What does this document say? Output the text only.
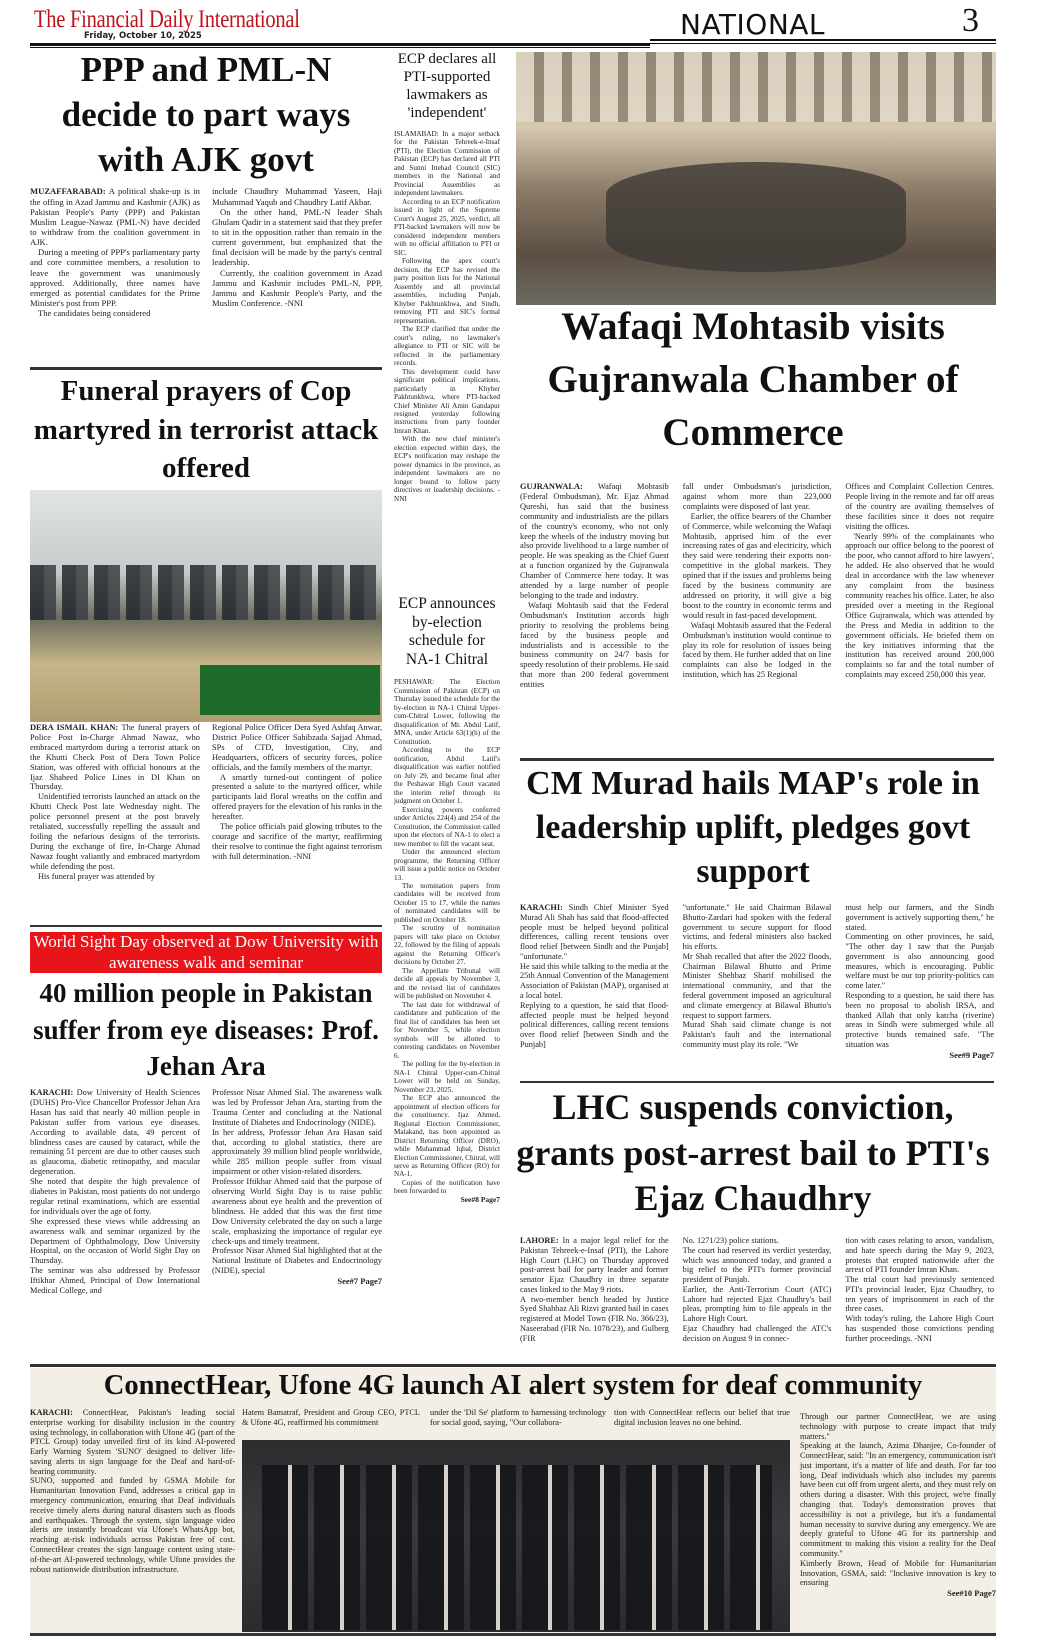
The Financial Daily International
Friday, October 10, 2025	NATIONAL	3
PPP and PML-N decide to part ways with AJK govt

MUZAFFARABAD: A political shake-up is in the offing in Azad Jammu and Kashmir (AJK) as Pakistan People's Party (PPP) and Pakistan Muslim League-Nawaz (PML-N) have decided to withdraw from the coalition government in AJK.

During a meeting of PPP's parliamentary party and core committee members, a resolution to leave the government was unanimously approved. Additionally, three names have emerged as potential candidates for the Prime Minister's post from PPP.

The candidates being considered

include Chaudhry Muhammad Yaseen, Haji Muhammad Yaqub and Chaudhry Latif Akbar.

On the other hand, PML-N leader Shah Ghulam Qadir in a statement said that they prefer to sit in the opposition rather than remain in the current government, but emphasized that the final decision will be made by the party's central leadership.

Currently, the coalition government in Azad Jammu and Kashmir includes PML-N, PPP, Jammu and Kashmir People's Party, and the Muslim Conference. -NNI

ECP declares all PTI-supported lawmakers as 'independent'

ISLAMABAD: In a major setback for the Pakistan Tehreek-e-Insaf (PTI), the Election Commission of Pakistan (ECP) has declared all PTI and Sunni Ittehad Council (SIC) members in the National and Provincial Assemblies as independent lawmakers.

According to an ECP notification issued in light of the Supreme Court's August 25, 2025, verdict, all PTI-backed lawmakers will now be considered independent members with no official affiliation to PTI or SIC.

Following the apex court's decision, the ECP has revised the party position lists for the National Assembly and all provincial assemblies, including Punjab, Khyber Pakhtunkhwa, and Sindh, removing PTI and SIC's formal representation.

The ECP clarified that under the court's ruling, no lawmaker's allegiance to PTI or SIC will be reflected in the parliamentary records.

This development could have significant political implications, particularly in Khyber Pakhtunkhwa, where PTI-backed Chief Minister Ali Amin Gandapur resigned yesterday following instructions from party founder Imran Khan.

With the new chief minister's election expected within days, the ECP's notification may reshape the power dynamics in the province, as independent lawmakers are no longer bound to follow party directives or leadership decisions. -NNI

Wafaqi Mohtasib visits Gujranwala Chamber of Commerce

GUJRANWALA: Wafaqi Mohtasib (Federal Ombudsman), Mr. Ejaz Ahmad Qureshi, has said that the business community and industrialists are the pillars of the country's economy, who not only keep the wheels of the industry moving but also provide livelihood to a large number of people. He was speaking as the Chief Guest at a function organized by the Gujranwala Chamber of Commerce here today. It was attended by a large number of people belonging to the trade and industry.

Wafaqi Mohtasib said that the Federal Ombudsman's Institution accords high priority to resolving the problems being faced by the business people and industrialists and is accessible to the business community on 24/7 basis for speedy resolution of their problems. He said that more than 200 federal government entities

fall under Ombudsman's jurisdiction, against whom more than 223,000 complaints were disposed of last year.

Earlier, the office bearers of the Chamber of Commerce, while welcoming the Wafaqi Mohtasib, apprised him of the ever increasing rates of gas and electricity, which they said were rendering their exports non-competitive in the global markets. They opined that if the issues and problems being faced by the business community are addressed on priority, it will give a big boost to the country in economic terms and would result in fast-paced development.

Wafaqi Mohtasib assured that the Federal Ombudsman's institution would continue to play its role for resolution of issues being faced by them. He further added that on line complaints can also be lodged in the institution, which has 25 Regional

Offices and Complaint Collection Centres. People living in the remote and far off areas of the country are availing themselves of these facilities since it does not require visiting the offices.

'Nearly 99% of the complainants who approach our office belong to the poorest of the poor, who cannot afford to hire lawyers', he added. He also observed that he would deal in accordance with the law whenever any complaint from the business community reaches his office. Later, he also presided over a meeting in the Regional Office Gujranwala, which was attended by the Press and Media in addition to the government officials. He briefed them on the key initiatives informing that the institution has received around 200,000 complaints so far and the total number of complaints may exceed 250,000 this year.

Funeral prayers of Cop martyred in terrorist attack offered

DERA ISMAIL KHAN: The funeral prayers of Police Post In-Charge Ahmad Nawaz, who embraced martyrdom during a terrorist attack on the Khutti Check Post of Dera Town Police Station, was offered with official honours at the Ijaz Shaheed Police Lines in DI Khan on Thursday.

Unidentified terrorists launched an attack on the Khutti Check Post late Wednesday night. The police personnel present at the post bravely retaliated, successfully repelling the assault and foiling the nefarious designs of the terrorists. During the exchange of fire, In-Charge Ahmad Nawaz fought valiantly and embraced martyrdom while defending the post.

His funeral prayer was attended by

Regional Police Officer Dera Syed Ashfaq Anwar, District Police Officer Sahibzada Sajjad Ahmad, SPs of CTD, Investigation, City, and Headquarters, officers of security forces, police officials, and the family members of the martyr.

A smartly turned-out contingent of police presented a salute to the martyred officer, while participants laid floral wreaths on the coffin and offered prayers for the elevation of his ranks in the hereafter.

The police officials paid glowing tributes to the courage and sacrifice of the martyr, reaffirming their resolve to continue the fight against terrorism with full determination. -NNI

ECP announces by-election schedule for NA-1 Chitral

PESHAWAR: The Election Commission of Pakistan (ECP) on Thursday issued the schedule for the by-election in NA-1 Chitral Upper-cum-Chitral Lower, following the disqualification of Mr. Abdul Latif, MNA, under Article 63(1)(h) of the Constitution.

According to the ECP notification, Abdul Latif's disqualification was earlier notified on July 29, and became final after the Peshawar High Court vacated the interim relief through its judgment on October 1.

Exercising powers conferred under Articles 224(4) and 254 of the Constitution, the Commission called upon the electors of NA-1 to elect a new member to fill the vacant seat.

Under the announced election programme, the Returning Officer will issue a public notice on October 13.

The nomination papers from candidates will be received from October 15 to 17, while the names of nominated candidates will be published on October 18.

The scrutiny of nomination papers will take place on October 22, followed by the filing of appeals against the Returning Officer's decisions by October 27.

The Appellate Tribunal will decide all appeals by November 3, and the revised list of candidates will be published on November 4.

The last date for withdrawal of candidature and publication of the final list of candidates has been set for November 5, while election symbols will be allotted to contesting candidates on November 6.

The polling for the by-election in NA-1 Chitral Upper-cum-Chitral Lower will be held on Sunday, November 23, 2025.

The ECP also announced the appointment of election officers for the constituency. Ijaz Ahmed, Regional Election Commissioner, Malakand, has been appointed as District Returning Officer (DRO), while Muhammad Iqbal, District Election Commissioner, Chitral, will serve as Returning Officer (RO) for NA-1.

Copies of the notification have been forwarded to

See#8 Page7
World Sight Day observed at Dow University with awareness walk and seminar
40 million people in Pakistan suffer from eye diseases: Prof. Jehan Ara

KARACHI: Dow University of Health Sciences (DUHS) Pro-Vice Chancellor Professor Jehan Ara Hasan has said that nearly 40 million people in Pakistan suffer from various eye diseases. According to available data, 49 percent of blindness cases are caused by cataract, while the remaining 51 percent are due to other causes such as glaucoma, diabetic retinopathy, and macular degeneration.

She noted that despite the high prevalence of diabetes in Pakistan, most patients do not undergo regular retinal examinations, which are essential for individuals over the age of forty.

She expressed these views while addressing an awareness walk and seminar organized by the Department of Ophthalmology, Dow University Hospital, on the occasion of World Sight Day on Thursday.

The seminar was also addressed by Professor Iftikhar Ahmed, Principal of Dow International Medical College, and

Professor Nisar Ahmed Sial. The awareness walk was led by Professor Jehan Ara, starting from the Trauma Center and concluding at the National Institute of Diabetes and Endocrinology (NIDE).

In her address, Professor Jehan Ara Hasan said that, according to global statistics, there are approximately 39 million blind people worldwide, while 285 million people suffer from visual impairment or other vision-related disorders.

Professor Iftikhar Ahmed said that the purpose of observing World Sight Day is to raise public awareness about eye health and the prevention of blindness. He added that this was the first time Dow University celebrated the day on such a large scale, emphasizing the importance of regular eye check-ups and timely treatment.

Professor Nisar Ahmed Sial highlighted that at the National Institute of Diabetes and Endocrinology (NIDE), special

See#7 Page7
CM Murad hails MAP's role in leadership uplift, pledges govt support

KARACHI: Sindh Chief Minister Syed Murad Ali Shah has said that flood-affected people must be helped beyond political differences, calling recent tensions over flood relief [between Sindh and the Punjab] "unfortunate."

He said this while talking to the media at the 25th Annual Convention of the Management Association of Pakistan (MAP), organised at a local hotel.

Replying to a question, he said that flood-affected people must be helped beyond political differences, calling recent tensions over flood relief [between Sindh and the Punjab]

"unfortunate." He said Chairman Bilawal Bhutto-Zardari had spoken with the federal government to secure support for flood victims, and federal ministers also backed his efforts.

Mr Shah recalled that after the 2022 floods, Chairman Bilawal Bhutto and Prime Minister Shehbaz Sharif mobilised the international community, and that the federal government imposed an agricultural and climate emergency at Bilawal Bhutto's request to support farmers.

Murad Shah said climate change is not Pakistan's fault and the international community must play its role. "We

must help our farmers, and the Sindh government is actively supporting them," he stated.

Commenting on other provinces, he said, "The other day I saw that the Punjab government is also announcing good measures, which is encouraging. Public welfare must be our top priority-politics can come later."

Responding to a question, he said there has been no proposal to abolish IRSA, and thanked Allah that only katcha (riverine) areas in Sindh were submerged while all protective bunds remained safe. "The situation was

See#9 Page7
LHC suspends conviction, grants post-arrest bail to PTI's Ejaz Chaudhry

LAHORE: In a major legal relief for the Pakistan Tehreek-e-Insaf (PTI), the Lahore High Court (LHC) on Thursday approved post-arrest bail for party leader and former senator Ejaz Chaudhry in three separate cases linked to the May 9 riots.

A two-member bench headed by Justice Syed Shahbaz Ali Rizvi granted bail in cases registered at Model Town (FIR No. 366/23), Naseerabad (FIR No. 1078/23), and Gulberg (FIR

No. 1271/23) police stations.

The court had reserved its verdict yesterday, which was announced today, and granted a big relief to the PTI's former provincial president of Punjab.

Earlier, the Anti-Terrorism Court (ATC) Lahore had rejected Ejaz Chaudhry's bail pleas, prompting him to file appeals in the Lahore High Court.

Ejaz Chaudhry had challenged the ATC's decision on August 9 in connec-

tion with cases relating to arson, vandalism, and hate speech during the May 9, 2023, protests that erupted nationwide after the arrest of PTI founder Imran Khan.

The trial court had previously sentenced PTI's provincial leader, Ejaz Chaudhry, to ten years of imprisonment in each of the three cases.

With today's ruling, the Lahore High Court has suspended those convictions pending further proceedings. -NNI

ConnectHear, Ufone 4G launch AI alert system for deaf community

KARACHI: ConnectHear, Pakistan's leading social enterprise working for disability inclusion in the country using technology, in collaboration with Ufone 4G (part of the PTCL Group) today unveiled first of its kind AI-powered Early Warning System 'SUNO' designed to deliver life-saving alerts in sign language for the Deaf and hard-of-hearing community.

SUNO, supported and funded by GSMA Mobile for Humanitarian Innovation Fund, addresses a critical gap in emergency communication, ensuring that Deaf individuals receive timely alerts during natural disasters such as floods and earthquakes. Through the system, sign language video alerts are instantly broadcast via Ufone's WhatsApp bot, reaching at-risk individuals across Pakistan free of cost. ConnectHear creates the sign language content using state-of-the-art AI-powered technology, while Ufone provides the robust nationwide distribution infrastructure.

Hatem Bamatraf, President and Group CEO, PTCL & Ufone 4G, reaffirmed his commitment
under the 'Dil Se' platform to harnessing technology for social good, saying, "Our collabora-
tion with ConnectHear reflects our belief that true digital inclusion leaves no one behind.

Through our partner ConnectHear, we are using technology with purpose to create impact that truly matters."

Speaking at the launch, Azima Dhanjee, Co-founder of ConnectHear, said: "In an emergency, communication isn't just important, it's a matter of life and death. For far too long, Deaf individuals which also includes my parents have been cut off from urgent alerts, and they must rely on others during a disaster. With this project, we're finally changing that. Today's demonstration proves that accessibility is not a privilege, but it's a fundamental human necessity to survive during any emergency. We are deeply grateful to Ufone 4G for its partnership and commitment to making this vision a reality for the Deaf community."

Kimberly Brown, Head of Mobile for Humanitarian Innovation, GSMA, said: "Inclusive innovation is key to ensuring

See#10 Page7
